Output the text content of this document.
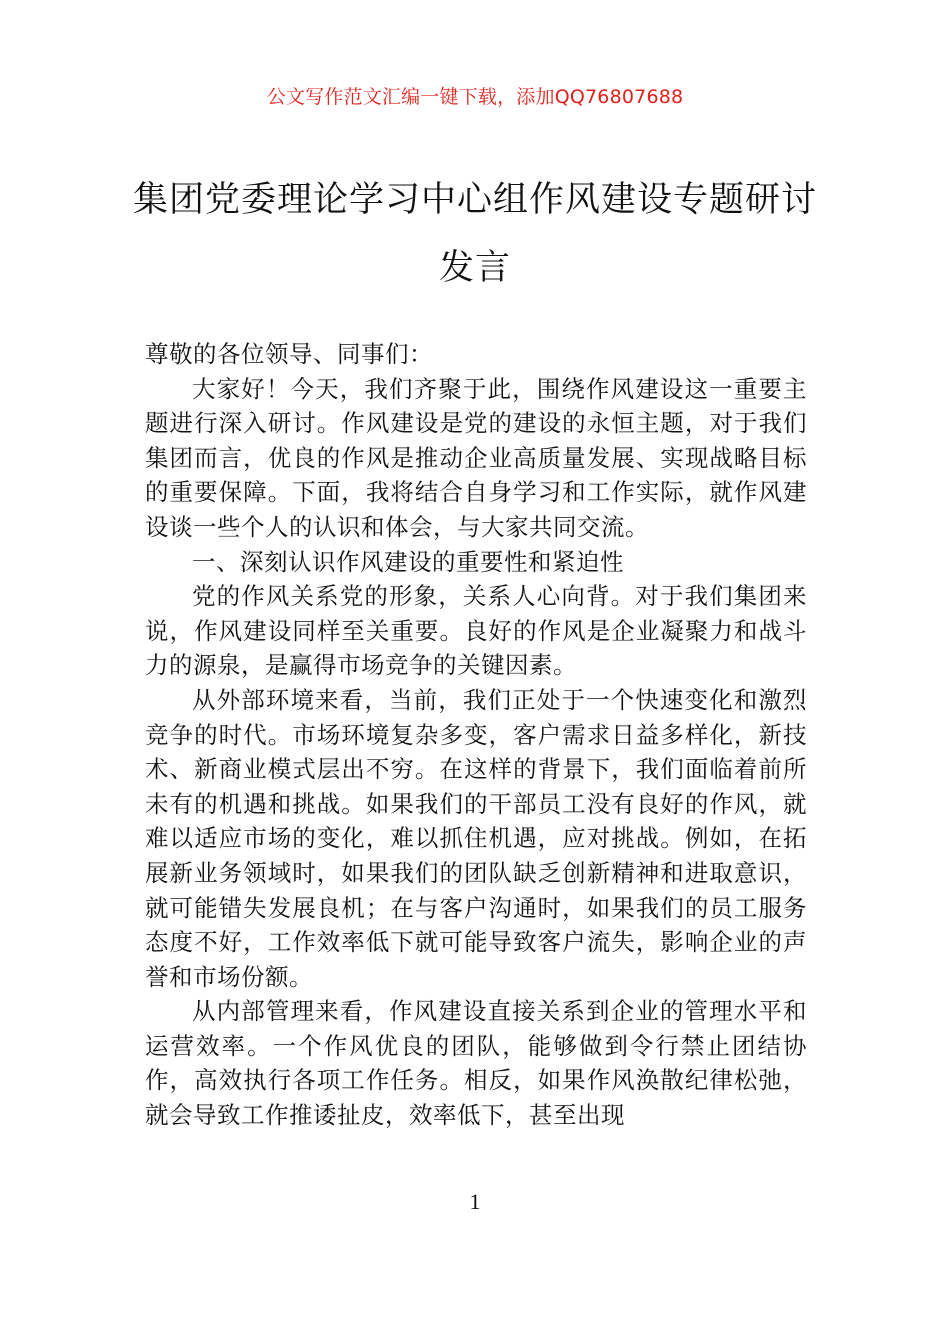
公文写作范文汇编一键下载，添加QQ76807688
集团党委理论学习中心组作风建设专题研讨发言

尊敬的各位领导、同事们：

大家好！今天，我们齐聚于此，围绕作风建设这一重要主题进行深入研讨。作风建设是党的建设的永恒主题，对于我们集团而言，优良的作风是推动企业高质量发展、实现战略目标的重要保障。下面，我将结合自身学习和工作实际，就作风建设谈一些个人的认识和体会，与大家共同交流。

一、深刻认识作风建设的重要性和紧迫性

党的作风关系党的形象，关系人心向背。对于我们集团来说，作风建设同样至关重要。良好的作风是企业凝聚力和战斗力的源泉，是赢得市场竞争的关键因素。

从外部环境来看，当前，我们正处于一个快速变化和激烈竞争的时代。市场环境复杂多变，客户需求日益多样化，新技术、新商业模式层出不穷。在这样的背景下，我们面临着前所未有的机遇和挑战。如果我们的干部员工没有良好的作风，就难以适应市场的变化，难以抓住机遇，应对挑战。例如，在拓展新业务领域时，如果我们的团队缺乏创新精神和进取意识，就可能错失发展良机；在与客户沟通时，如果我们的员工服务态度不好，工作效率低下就可能导致客户流失，影响企业的声誉和市场份额。

从内部管理来看，作风建设直接关系到企业的管理水平和运营效率。一个作风优良的团队，能够做到令行禁止团结协作，高效执行各项工作任务。相反，如果作风涣散纪律松弛，就会导致工作推诿扯皮，效率低下，甚至出现

1
